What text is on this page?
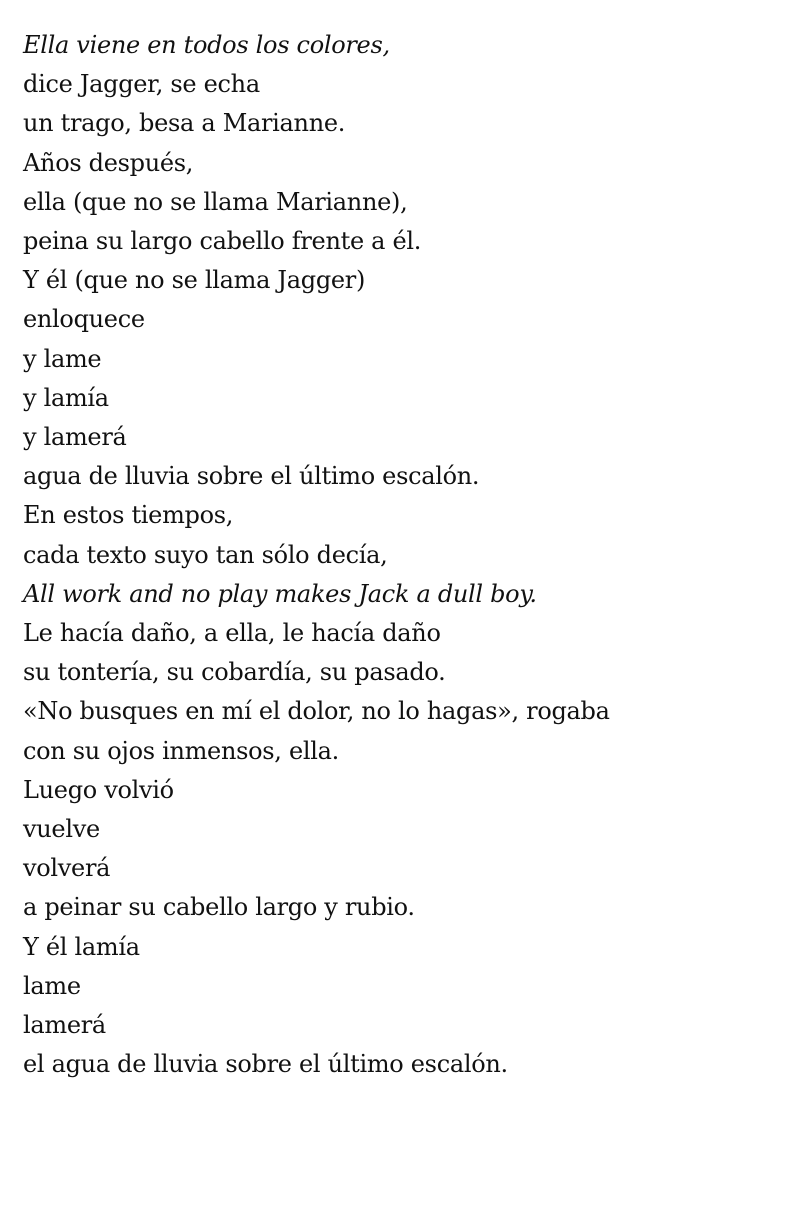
Ella viene en todos los colores,
dice Jagger, se echa
un trago, besa a Marianne.
Años después,
ella (que no se llama Marianne),
peina su largo cabello frente a él.
Y él (que no se llama Jagger)
enloquece
y lame
y lamía
y lamerá
agua de lluvia sobre el último escalón.
En estos tiempos,
cada texto suyo tan sólo decía,
All work and no play makes Jack a dull boy.
Le hacía daño, a ella, le hacía daño
su tontería, su cobardía, su pasado.
«No busques en mí el dolor, no lo hagas», rogaba
con su ojos inmensos, ella.
Luego volvió
vuelve
volverá
a peinar su cabello largo y rubio.
Y él lamía
lame
lamerá
el agua de lluvia sobre el último escalón.
